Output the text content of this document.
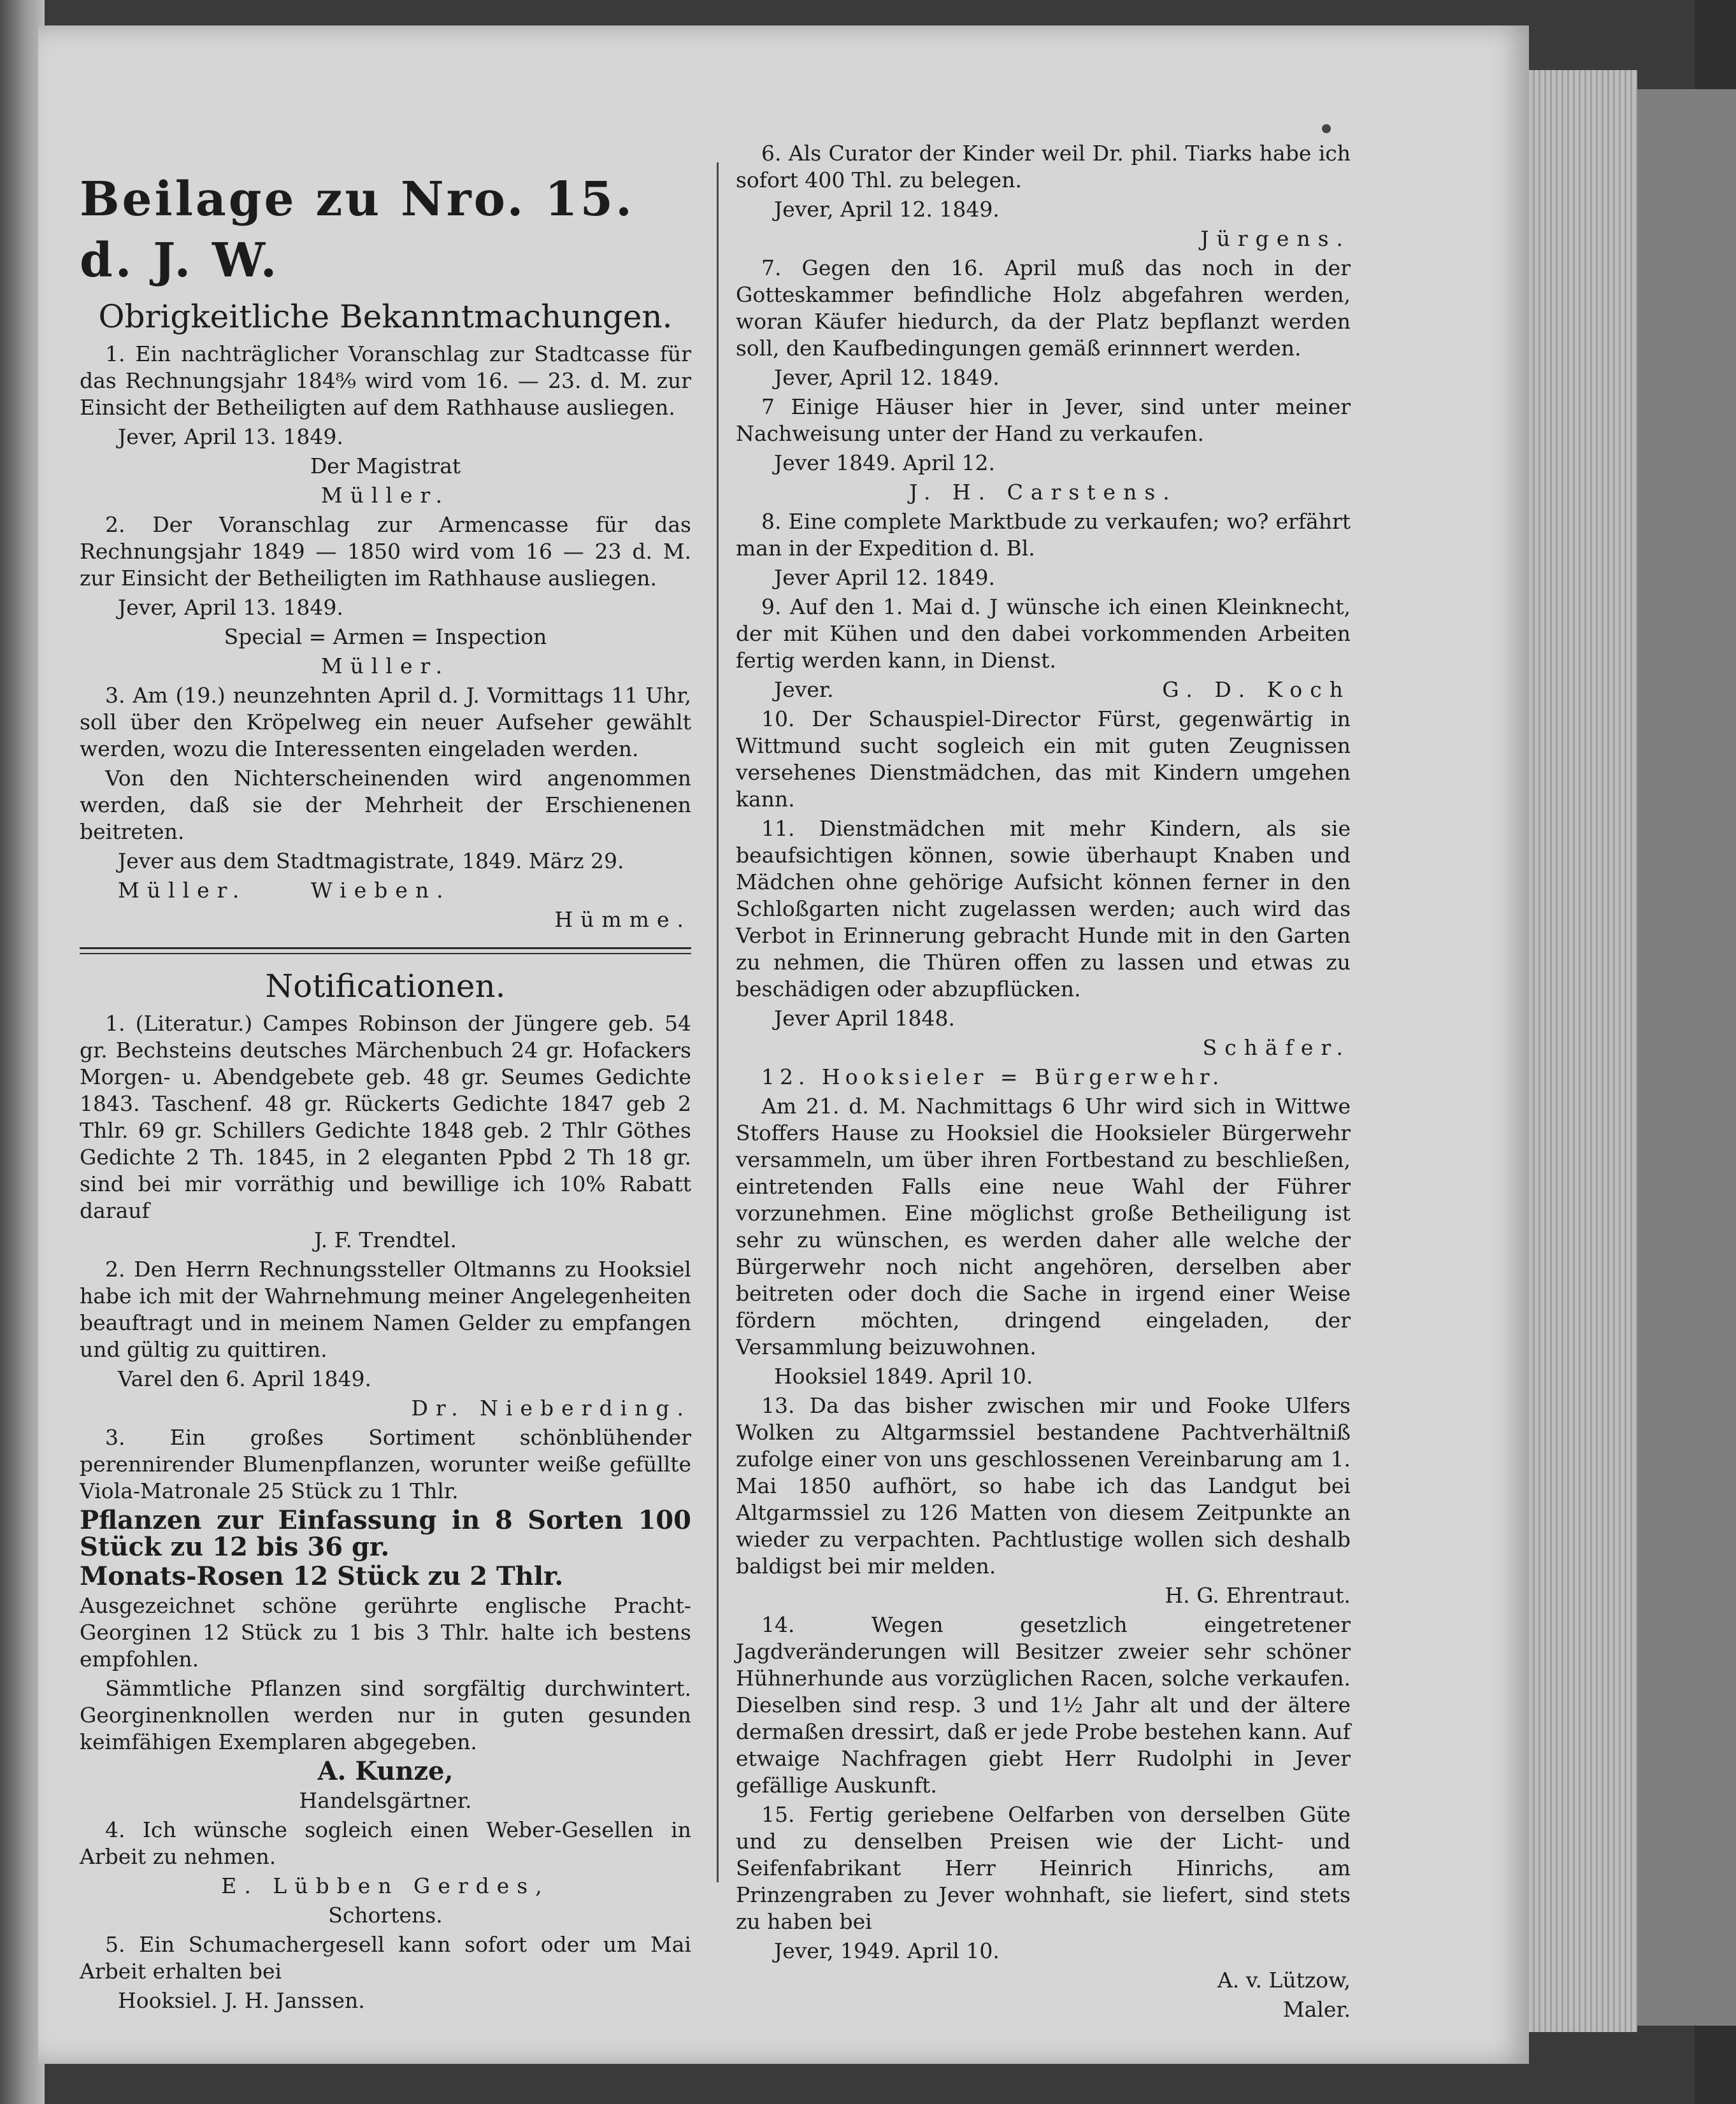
Beilage zu Nro. 15. d. J. W.
Obrigkeitliche Bekanntmachungen.

1. Ein nachträglicher Voranschlag zur Stadtcasse für das Rechnungsjahr 184⁸⁄₉ wird vom 16. — 23. d. M. zur Einsicht der Betheiligten auf dem Rathhause ausliegen.

Jever, April 13. 1849.

Der Magistrat

Müller.

2. Der Voranschlag zur Armencasse für das Rechnungsjahr 1849 — 1850 wird vom 16 — 23 d. M. zur Einsicht der Betheiligten im Rathhause ausliegen.

Jever, April 13. 1849.

Special = Armen = Inspection

Müller.

3. Am (19.) neunzehnten April d. J. Vormittags 11 Uhr, soll über den Kröpelweg ein neuer Aufseher gewählt werden, wozu die Interessenten eingeladen werden.

Von den Nichterscheinenden wird angenommen werden, daß sie der Mehrheit der Erschienenen beitreten.

Jever aus dem Stadtmagistrate, 1849. März 29.

Müller.	Wieben.

Hümme.

Notificationen.

1. (Literatur.) Campes Robinson der Jüngere geb. 54 gr. Bechsteins deutsches Märchenbuch 24 gr. Hofackers Morgen- u. Abendgebete geb. 48 gr. Seumes Gedichte 1843. Taschenf. 48 gr. Rückerts Gedichte 1847 geb 2 Thlr. 69 gr. Schillers Gedichte 1848 geb. 2 Thlr Göthes Gedichte 2 Th. 1845, in 2 eleganten Ppbd 2 Th 18 gr. sind bei mir vorräthig und bewillige ich 10% Rabatt darauf

J. F. Trendtel.

2. Den Herrn Rechnungssteller Oltmanns zu Hooksiel habe ich mit der Wahrnehmung meiner Angelegenheiten beauftragt und in meinem Namen Gelder zu empfangen und gültig zu quittiren.

Varel den 6. April 1849.

Dr. Nieberding.

3. Ein großes Sortiment schönblühender perennirender Blumenpflanzen, worunter weiße gefüllte Viola-Matronale 25 Stück zu 1 Thlr.

Pflanzen zur Einfassung in 8 Sorten 100 Stück zu 12 bis 36 gr.

Monats-Rosen 12 Stück zu 2 Thlr.

Ausgezeichnet schöne gerührte englische Pracht-Georginen 12 Stück zu 1 bis 3 Thlr. halte ich bestens empfohlen.

Sämmtliche Pflanzen sind sorgfältig durchwintert. Georginenknollen werden nur in guten gesunden keimfähigen Exemplaren abgegeben.

A. Kunze,

Handelsgärtner.

4. Ich wünsche sogleich einen Weber-Gesellen in Arbeit zu nehmen.

E. Lübben Gerdes,

Schortens.

5. Ein Schumachergesell kann sofort oder um Mai Arbeit erhalten bei

Hooksiel. J. H. Janssen.

6. Als Curator der Kinder weil Dr. phil. Tiarks habe ich sofort 400 Thl. zu belegen.

Jever, April 12. 1849.

Jürgens.

7. Gegen den 16. April muß das noch in der Gotteskammer befindliche Holz abgefahren werden, woran Käufer hiedurch, da der Platz bepflanzt werden soll, den Kaufbedingungen gemäß erinnnert werden.

Jever, April 12. 1849.

7 Einige Häuser hier in Jever, sind unter meiner Nachweisung unter der Hand zu verkaufen.

Jever 1849. April 12.

J. H. Carstens.

8. Eine complete Marktbude zu verkaufen; wo? erfährt man in der Expedition d. Bl.

Jever April 12. 1849.

9. Auf den 1. Mai d. J wünsche ich einen Kleinknecht, der mit Kühen und den dabei vorkommenden Arbeiten fertig werden kann, in Dienst.

Jever.	G. D. Koch

10. Der Schauspiel-Director Fürst, gegenwärtig in Wittmund sucht sogleich ein mit guten Zeugnissen versehenes Dienstmädchen, das mit Kindern umgehen kann.

11. Dienstmädchen mit mehr Kindern, als sie beaufsichtigen können, sowie überhaupt Knaben und Mädchen ohne gehörige Aufsicht können ferner in den Schloßgarten nicht zugelassen werden; auch wird das Verbot in Erinnerung gebracht Hunde mit in den Garten zu nehmen, die Thüren offen zu lassen und etwas zu beschädigen oder abzupflücken.

Jever April 1848.

Schäfer.

12. Hooksieler = Bürgerwehr.

Am 21. d. M. Nachmittags 6 Uhr wird sich in Wittwe Stoffers Hause zu Hooksiel die Hooksieler Bürgerwehr versammeln, um über ihren Fortbestand zu beschließen, eintretenden Falls eine neue Wahl der Führer vorzunehmen. Eine möglichst große Betheiligung ist sehr zu wünschen, es werden daher alle welche der Bürgerwehr noch nicht angehören, derselben aber beitreten oder doch die Sache in irgend einer Weise fördern möchten, dringend eingeladen, der Versammlung beizuwohnen.

Hooksiel 1849. April 10.

13. Da das bisher zwischen mir und Fooke Ulfers Wolken zu Altgarmssiel bestandene Pachtverhältniß zufolge einer von uns geschlossenen Vereinbarung am 1. Mai 1850 aufhört, so habe ich das Landgut bei Altgarmssiel zu 126 Matten von diesem Zeitpunkte an wieder zu verpachten. Pachtlustige wollen sich deshalb baldigst bei mir melden.

H. G. Ehrentraut.

14. Wegen gesetzlich eingetretener Jagdveränderungen will Besitzer zweier sehr schöner Hühnerhunde aus vorzüglichen Racen, solche verkaufen. Dieselben sind resp. 3 und 1½ Jahr alt und der ältere dermaßen dressirt, daß er jede Probe bestehen kann. Auf etwaige Nachfragen giebt Herr Rudolphi in Jever gefällige Auskunft.

15. Fertig geriebene Oelfarben von derselben Güte und zu denselben Preisen wie der Licht- und Seifenfabrikant Herr Heinrich Hinrichs, am Prinzengraben zu Jever wohnhaft, sie liefert, sind stets zu haben bei

Jever, 1949. April 10.

A. v. Lützow,

Maler.
